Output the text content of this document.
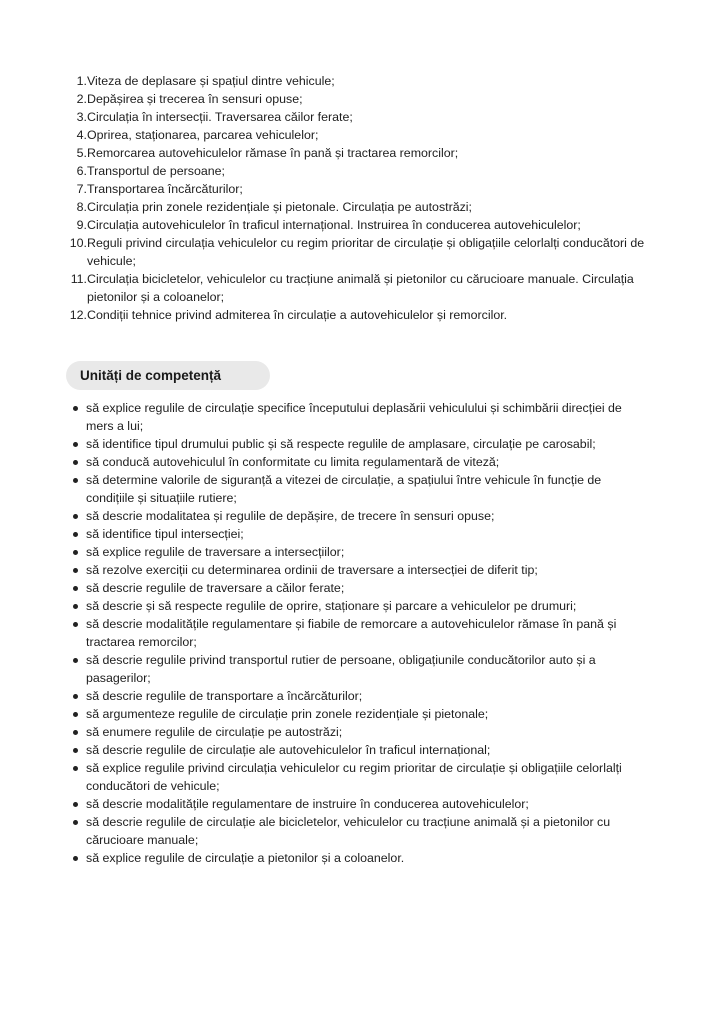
1. Viteza de deplasare și spațiul dintre vehicule;
2. Depășirea și trecerea în sensuri opuse;
3. Circulația în intersecții. Traversarea căilor ferate;
4. Oprirea, staționarea, parcarea vehiculelor;
5. Remorcarea autovehiculelor rămase în pană și tractarea remorcilor;
6. Transportul de persoane;
7. Transportarea încărcăturilor;
8. Circulația prin zonele rezidențiale și pietonale. Circulația pe autostrăzi;
9. Circulația autovehiculelor în traficul internațional. Instruirea în conducerea autovehiculelor;
10. Reguli privind circulația vehiculelor cu regim prioritar de circulație și obligațiile celorlalți conducători de vehicule;
11. Circulația bicicletelor, vehiculelor cu tracțiune animală și pietonilor cu cărucioare manuale. Circulația pietonilor și a coloanelor;
12. Condiții tehnice privind admiterea în circulație a autovehiculelor și remorcilor.
Unități de competență
să explice regulile de circulație specifice începutului deplasării vehiculului și schimbării direcției de mers a lui;
să identifice tipul drumului public și să respecte regulile de amplasare, circulație pe carosabil;
să conducă autovehiculul în conformitate cu limita regulamentară de viteză;
să determine valorile de siguranță a vitezei de circulație, a spațiului între vehicule în funcție de condițiile și situațiile rutiere;
să descrie modalitatea și regulile de depășire, de trecere în sensuri opuse;
să identifice tipul intersecției;
să explice regulile de traversare a intersecțiilor;
să rezolve exerciții cu determinarea ordinii de traversare a intersecției de diferit tip;
să descrie regulile de traversare a căilor ferate;
să descrie și să respecte regulile de oprire, staționare și parcare a vehiculelor pe drumuri;
să descrie modalitățile regulamentare și fiabile de remorcare a autovehiculelor rămase în pană și tractarea remorcilor;
să descrie regulile privind transportul rutier de persoane, obligațiunile conducătorilor auto și a pasagerilor;
să descrie regulile de transportare a încărcăturilor;
să argumenteze regulile de circulație prin zonele rezidențiale și pietonale;
să enumere regulile de circulație pe autostrăzi;
să descrie regulile de circulație ale autovehiculelor în traficul internațional;
să explice regulile privind circulația vehiculelor cu regim prioritar de circulație și obligațiile celorlalți conducători de vehicule;
să descrie modalitățile regulamentare de instruire în conducerea autovehiculelor;
să descrie regulile de circulație ale bicicletelor, vehiculelor cu tracțiune animală și a pietonilor cu cărucioare manuale;
să explice regulile de circulație a pietonilor și a coloanelor.
